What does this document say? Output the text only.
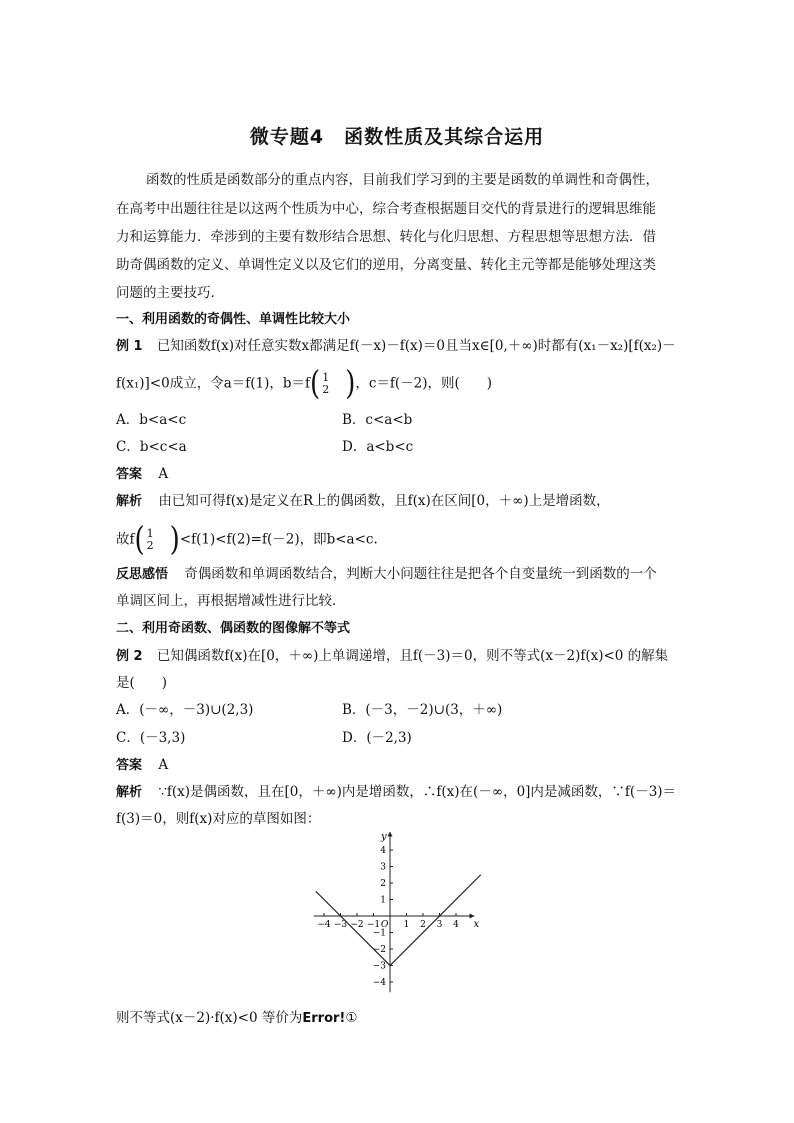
微专题4　函数性质及其综合运用
函数的性质是函数部分的重点内容，目前我们学习到的主要是函数的单调性和奇偶性，
在高考中出题往往是以这两个性质为中心，综合考查根据题目交代的背景进行的逻辑思维能
力和运算能力．牵涉到的主要有数形结合思想、转化与化归思想、方程思想等思想方法．借
助奇偶函数的定义、单调性定义以及它们的逆用，分离变量、转化主元等都是能够处理这类
问题的主要技巧．
一、利用函数的奇偶性、单调性比较大小
例 1 已知函数f(x)对任意实数x都满足f(－x)－f(x)＝0且当x∈[0,＋∞)时都有(x₁－x₂)[f(x₂)－
f(x₁)]<0成立，令a＝f(1)，b＝f( 1
2 )，c＝f(－2)，则(　　)
A．b<a<c	B．c<a<b
C．b<c<a	D．a<b<c
答案 A
解析 由已知可得f(x)是定义在R上的偶函数，且f(x)在区间[0，＋∞)上是增函数，
故f( 1
2 )<f(1)<f(2)=f(－2)，即b<a<c.
反思感悟 奇偶函数和单调函数结合，判断大小问题往往是把各个自变量统一到函数的一个
单调区间上，再根据增减性进行比较．
二、利用奇函数、偶函数的图像解不等式
例 2 已知偶函数f(x)在[0，＋∞)上单调递增，且f(－3)＝0，则不等式(x－2)f(x)<0 的解集
是(　　)
A．(－∞，－3)∪(2,3)	B．(－3，－2)∪(3，＋∞)
C．(－3,3)	D．(－2,3)
答案 A
解析 ∵f(x)是偶函数，且在[0，＋∞)内是增函数，∴f(x)在(－∞，0]内是减函数，∵f(－3)＝
f(3)＝0，则f(x)对应的草图如图：
−4 −3 −2 −1	1 2 3 4
4
3
2
1
−1
−2
−3
−4
x
y
O
则不等式(x－2)·f(x)<0 等价为Error!①
